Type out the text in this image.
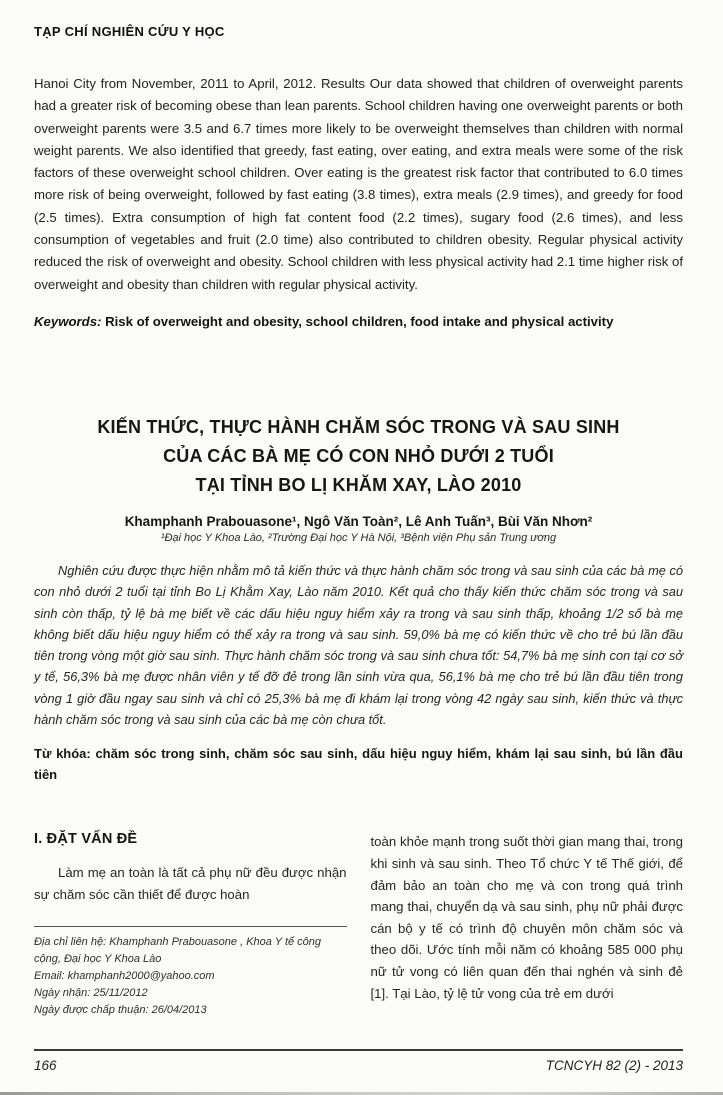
TẠP CHÍ NGHIÊN CỨU Y HỌC

Hanoi City from November, 2011 to April, 2012. Results Our data showed that children of overweight parents had a greater risk of becoming obese than lean parents. School children having one overweight parents or both overweight parents were 3.5 and 6.7 times more likely to be overweight themselves than children with normal weight parents. We also identified that greedy, fast eating, over eating, and extra meals were some of the risk factors of these overweight school children. Over eating is the greatest risk factor that contributed to 6.0 times more risk of being overweight, followed by fast eating (3.8 times), extra meals (2.9 times), and greedy for food (2.5 times). Extra consumption of high fat content food (2.2 times), sugary food (2.6 times), and less consumption of vegetables and fruit (2.0 time) also contributed to children obesity. Regular physical activity reduced the risk of overweight and obesity. School children with less physical activity had 2.1 time higher risk of overweight and obesity than children with regular physical activity.

Keywords: Risk of overweight and obesity, school children, food intake and physical activity

KIẾN THỨC, THỰC HÀNH CHĂM SÓC TRONG VÀ SAU SINH
CỦA CÁC BÀ MẸ CÓ CON NHỎ DƯỚI 2 TUỔI
TẠI TỈNH BO LỊ KHĂM XAY, LÀO 2010
Khamphanh Prabouasone¹, Ngô Văn Toàn², Lê Anh Tuấn³, Bùi Văn Nhơn²
¹Đại học Y Khoa Lào, ²Trường Đại học Y Hà Nội, ³Bệnh viện Phụ sản Trung ương

Nghiên cứu được thực hiện nhằm mô tả kiến thức và thực hành chăm sóc trong và sau sinh của các bà mẹ có con nhỏ dưới 2 tuổi tại tỉnh Bo Lị Khằm Xay, Lào năm 2010. Kết quả cho thấy kiến thức chăm sóc trong và sau sinh còn thấp, tỷ lệ bà mẹ biết về các dấu hiệu nguy hiểm xảy ra trong và sau sinh thấp, khoảng 1/2 số bà mẹ không biết dấu hiệu nguy hiểm có thể xảy ra trong và sau sinh. 59,0% bà mẹ có kiến thức về cho trẻ bú lần đầu tiên trong vòng một giờ sau sinh. Thực hành chăm sóc trong và sau sinh chưa tốt: 54,7% bà mẹ sinh con tại cơ sở y tế, 56,3% bà mẹ được nhân viên y tế đỡ đẻ trong lần sinh vừa qua, 56,1% bà mẹ cho trẻ bú lần đầu tiên trong vòng 1 giờ đầu ngay sau sinh và chỉ có 25,3% bà mẹ đi khám lại trong vòng 42 ngày sau sinh, kiến thức và thực hành chăm sóc trong và sau sinh của các bà mẹ còn chưa tốt.

Từ khóa: chăm sóc trong sinh, chăm sóc sau sinh, dấu hiệu nguy hiểm, khám lại sau sinh, bú lần đầu tiên

I. ĐẶT VẤN ĐỀ

Làm mẹ an toàn là tất cả phụ nữ đều được nhận sự chăm sóc cần thiết để được hoàn

Địa chỉ liên hệ: Khamphanh Prabouasone , Khoa Y tế công cộng, Đại học Y Khoa Lào

Email: khamphanh2000@yahoo.com

Ngày nhận: 25/11/2012

Ngày được chấp thuận: 26/04/2013

toàn khỏe mạnh trong suốt thời gian mang thai, trong khi sinh và sau sinh. Theo Tổ chức Y tế Thế giới, để đảm bảo an toàn cho mẹ và con trong quá trình mang thai, chuyển dạ và sau sinh, phụ nữ phải được cán bộ y tế có trình độ chuyên môn chăm sóc và theo dõi. Ước tính mỗi năm có khoảng 585 000 phụ nữ tử vong có liên quan đến thai nghén và sinh đẻ [1]. Tại Lào, tỷ lệ tử vong của trẻ em dưới

166	TCNCYH 82 (2) - 2013
